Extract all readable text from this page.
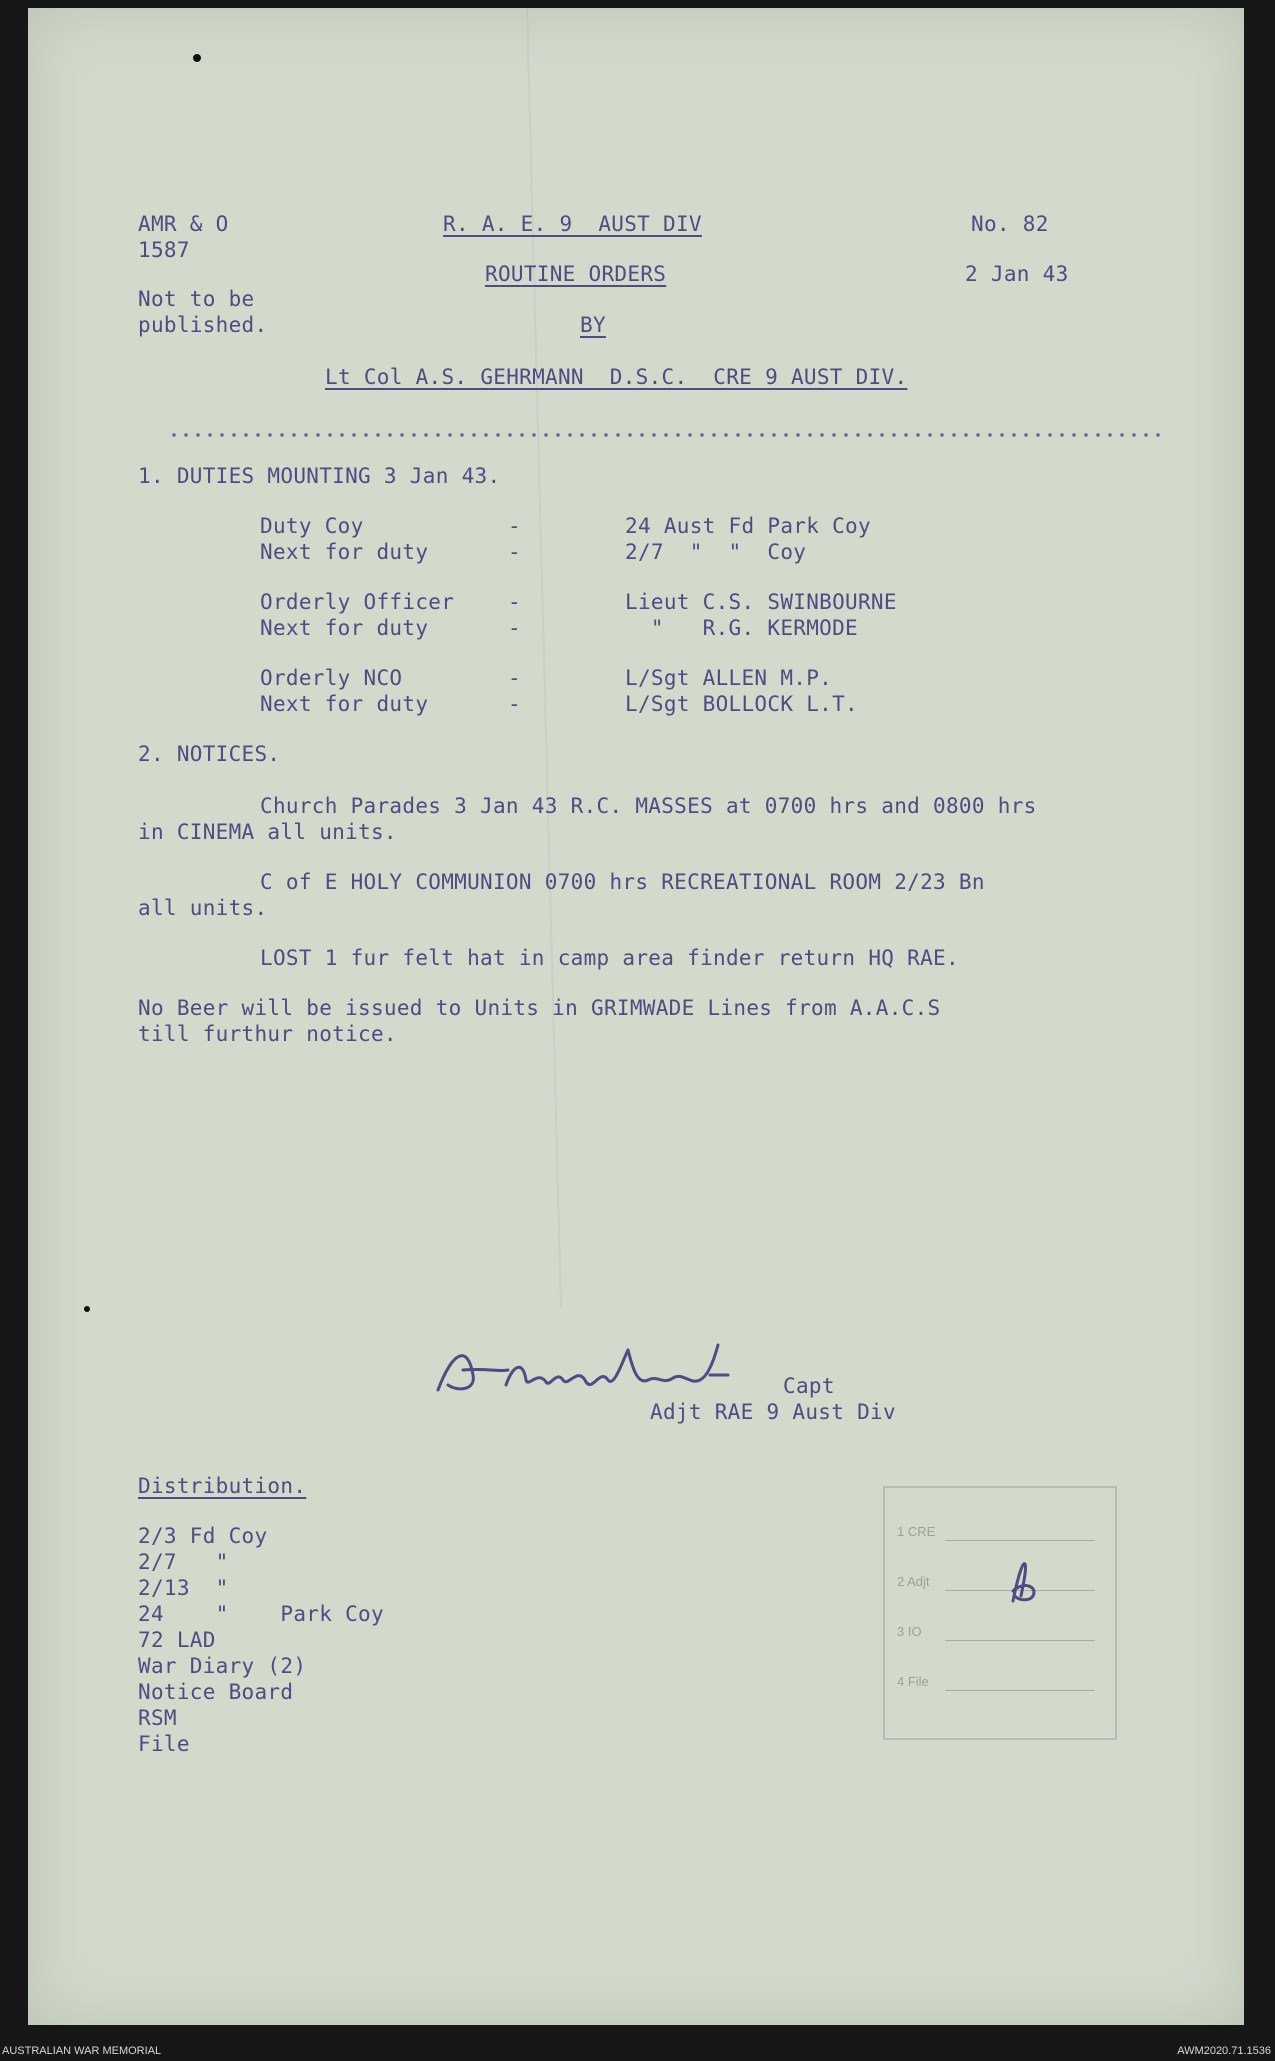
AMR & O
1587
Not to be
published.
R. A. E. 9  AUST DIV
ROUTINE ORDERS
BY
Lt Col A.S. GEHRMANN  D.S.C.  CRE 9 AUST DIV.
No. 82
2 Jan 43
1. DUTIES MOUNTING 3 Jan 43.
Duty Coy	-	24 Aust Fd Park Coy
Next for duty	-	2/7  "  "  Coy
Orderly Officer	-	Lieut C.S. SWINBOURNE
Next for duty	-	"   R.G. KERMODE
Orderly NCO	-	L/Sgt ALLEN M.P.
Next for duty	-	L/Sgt BOLLOCK L.T.
2. NOTICES.
Church Parades 3 Jan 43 R.C. MASSES at 0700 hrs and 0800 hrs
in CINEMA all units.
C of E HOLY COMMUNION 0700 hrs RECREATIONAL ROOM 2/23 Bn
all units.
LOST 1 fur felt hat in camp area finder return HQ RAE.
No Beer will be issued to Units in GRIMWADE Lines from A.A.C.S
till furthur notice.
Capt
Adjt RAE 9 Aust Div
Distribution.
2/3 Fd Coy
2/7   "
2/13  "
24    "    Park Coy
72 LAD
War Diary (2)
Notice Board
RSM
File
1 CRE
2 Adjt
3 IO
4 File
AUSTRALIAN WAR MEMORIAL	AWM2020.71.1536
